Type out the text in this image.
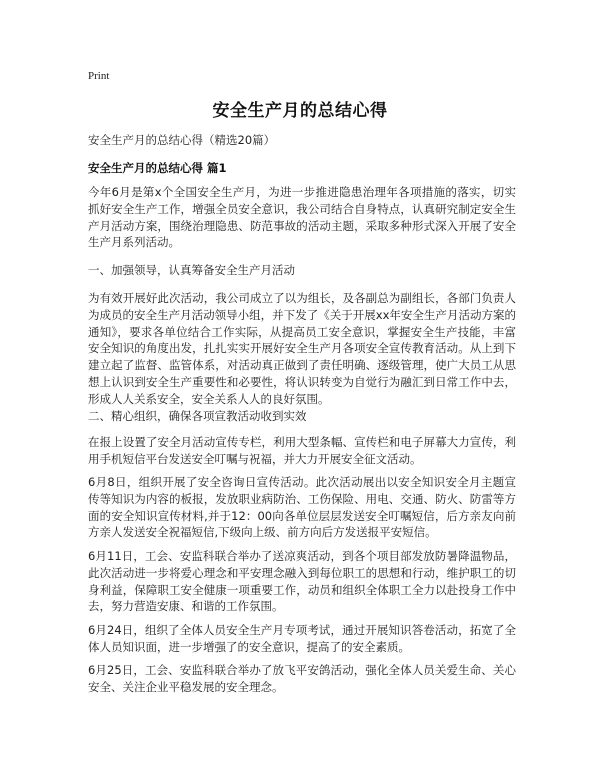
Print
安全生产月的总结心得
安全生产月的总结心得（精选20篇）
安全生产月的总结心得 篇1
今年6月是第x个全国安全生产月，为进一步推进隐患治理年各项措施的落实，切实抓好安全生产工作，增强全员安全意识，我公司结合自身特点，认真研究制定安全生产月活动方案，围绕治理隐患、防范事故的活动主题，采取多种形式深入开展了安全生产月系列活动。
一、加强领导，认真筹备安全生产月活动
为有效开展好此次活动，我公司成立了以为组长，及各副总为副组长，各部门负责人为成员的安全生产月活动领导小组，并下发了《关于开展xx年安全生产月活动方案的通知》，要求各单位结合工作实际，从提高员工安全意识，掌握安全生产技能，丰富安全知识的角度出发，扎扎实实开展好安全生产月各项安全宣传教育活动。从上到下建立起了监督、监管体系，对活动真正做到了责任明确、逐级管理，使广大员工从思想上认识到安全生产重要性和必要性，将认识转变为自觉行为融汇到日常工作中去，形成人人关系安全，安全关系人人的良好氛围。
二、精心组织，确保各项宣教活动收到实效
在报上设置了安全月活动宣传专栏，利用大型条幅、宣传栏和电子屏幕大力宣传，利用手机短信平台发送安全叮嘱与祝福，并大力开展安全征文活动。
6月8日，组织开展了安全咨询日宣传活动。此次活动展出以安全知识安全月主题宣传等知识为内容的板报，发放职业病防治、工伤保险、用电、交通、防火、防雷等方面的安全知识宣传材料,并于12：00向各单位层层发送安全叮嘱短信，后方亲友向前方亲人发送安全祝福短信,下级向上级、前方向后方发送报平安短信。
6月11日，工会、安监科联合举办了送凉爽活动，到各个项目部发放防暑降温物品，此次活动进一步将爱心理念和平安理念融入到每位职工的思想和行动，维护职工的切身利益，保障职工安全健康一项重要工作，动员和组织全体职工全力以赴投身工作中去，努力营造安康、和谐的工作氛围。
6月24日，组织了全体人员安全生产月专项考试，通过开展知识答卷活动，拓宽了全体人员知识面，进一步增强了的安全意识，提高了的安全素质。
6月25日，工会、安监科联合举办了放飞平安鸽活动，强化全体人员关爱生命、关心安全、关注企业平稳发展的安全理念。
